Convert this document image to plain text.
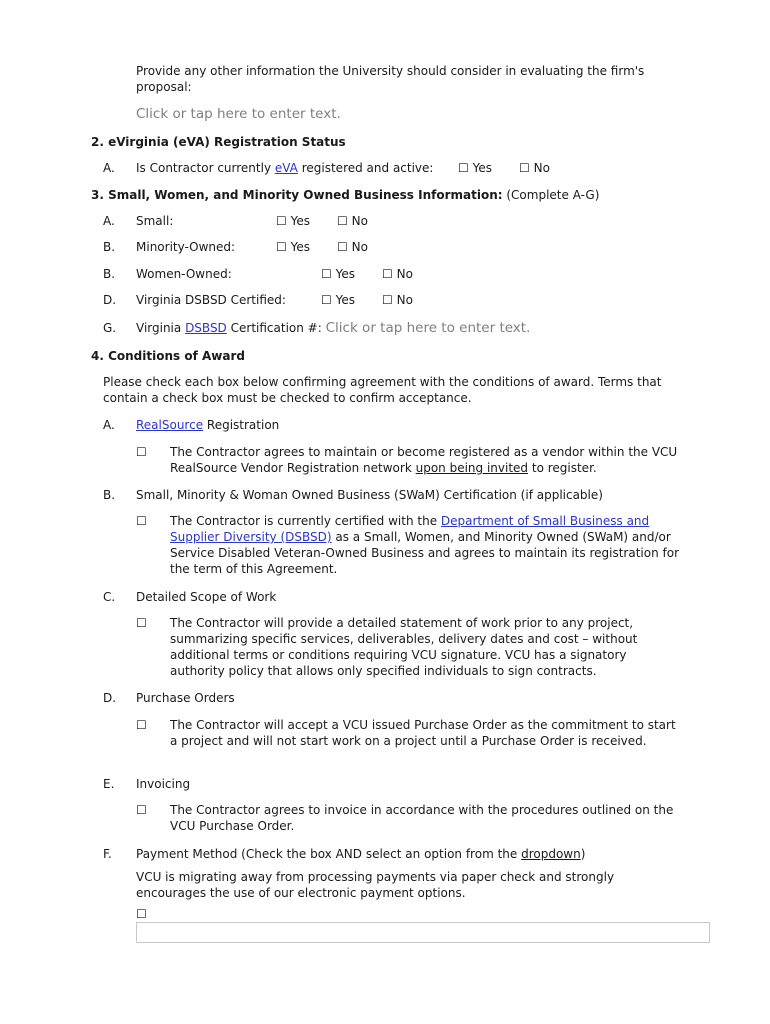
Provide any other information the University should consider in evaluating the firm's proposal:
Click or tap here to enter text.
2. eVirginia (eVA) Registration Status
A. Is Contractor currently eVA registered and active: ☐ Yes ☐ No
3. Small, Women, and Minority Owned Business Information: (Complete A-G)
A. Small:	☐ Yes ☐ No
B. Minority-Owned:	☐ Yes ☐ No
B. Women-Owned:	☐ Yes ☐ No
D. Virginia DSBSD Certified:	☐ Yes ☐ No
G. Virginia DSBSD Certification #: Click or tap here to enter text.
4. Conditions of Award
Please check each box below confirming agreement with the conditions of award. Terms that contain a check box must be checked to confirm acceptance.
A. RealSource Registration
☐ The Contractor agrees to maintain or become registered as a vendor within the VCU RealSource Vendor Registration network upon being invited to register.
B. Small, Minority & Woman Owned Business (SWaM) Certification (if applicable)
☐ The Contractor is currently certified with the Department of Small Business and Supplier Diversity (DSBSD) as a Small, Women, and Minority Owned (SWaM) and/or Service Disabled Veteran-Owned Business and agrees to maintain its registration for the term of this Agreement.
C. Detailed Scope of Work
☐ The Contractor will provide a detailed statement of work prior to any project, summarizing specific services, deliverables, delivery dates and cost – without additional terms or conditions requiring VCU signature. VCU has a signatory authority policy that allows only specified individuals to sign contracts.
D. Purchase Orders
☐ The Contractor will accept a VCU issued Purchase Order as the commitment to start a project and will not start work on a project until a Purchase Order is received.
E. Invoicing
☐ The Contractor agrees to invoice in accordance with the procedures outlined on the VCU Purchase Order.
F. Payment Method (Check the box AND select an option from the dropdown)
VCU is migrating away from processing payments via paper check and strongly encourages the use of our electronic payment options.
☐
